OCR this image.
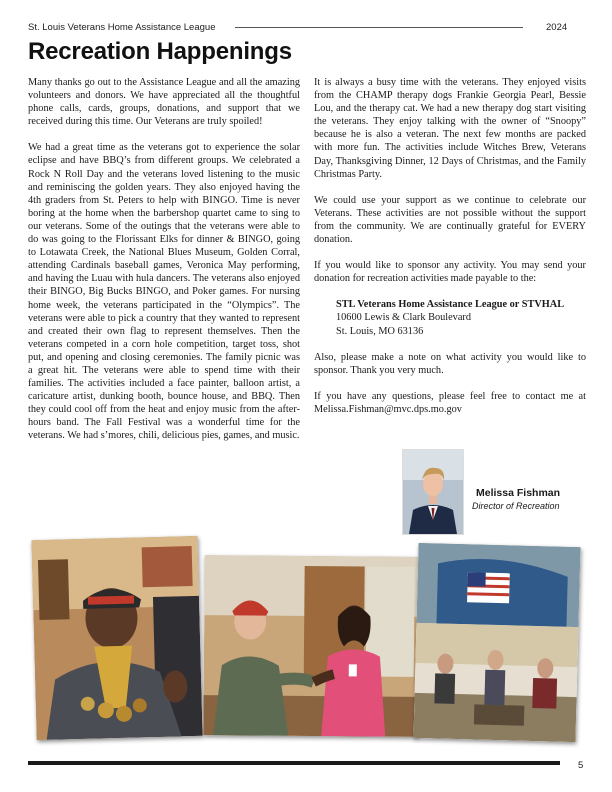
St. Louis Veterans Home Assistance League	2024
Recreation Happenings

Many thanks go out to the Assistance League and all the amazing volunteers and donors. We have appreciated all the thoughtful phone calls, cards, groups, donations, and support that we received during this time. Our Veterans are truly spoiled!

We had a great time as the veterans got to experience the solar eclipse and have BBQ’s from different groups. We celebrated a Rock N Roll Day and the veterans loved listening to the music and reminiscing the golden years. They also enjoyed having the 4th graders from St. Peters to help with BINGO. Time is never boring at the home when the barbershop quartet came to sing to our veterans. Some of the outings that the veterans were able to do was going to the Florissant Elks for dinner & BINGO, going to Lotawata Creek, the National Blues Museum, Golden Corral, attending Cardinals baseball games, Veronica May performing, and having the Luau with hula dancers. The veterans also enjoyed their BINGO, Big Bucks BINGO, and Poker games. For nursing home week, the veterans participated in the “Olympics”. The veterans were able to pick a country that they wanted to represent and created their own flag to represent themselves. Then the veterans competed in a corn hole competition, target toss, shot put, and opening and closing ceremonies. The family picnic was a great hit. The veterans were able to spend time with their families. The activities included a face painter, balloon artist, a caricature artist, dunking booth, bounce house, and BBQ. Then they could cool off from the heat and enjoy music from the after-hours band. The Fall Festival was a wonderful time for the veterans. We had s’mores, chili, delicious pies, games, and music.

It is always a busy time with the veterans. They enjoyed visits from the CHAMP therapy dogs Frankie Georgia Pearl, Bessie Lou, and the therapy cat. We had a new therapy dog start visiting the veterans. They enjoy talking with the owner of “Snoopy” because he is also a veteran. The next few months are packed with more fun. The activities include Witches Brew, Veterans Day, Thanksgiving Dinner, 12 Days of Christmas, and the Family Christmas Party.

We could use your support as we continue to celebrate our Veterans. These activities are not possible without the support from the community. We are continually grateful for EVERY donation.

If you would like to sponsor any activity. You may send your donation for recreation activities made payable to the:

STL Veterans Home Assistance League or STVHAL
10600 Lewis & Clark Boulevard
St. Louis, MO 63136

Also, please make a note on what activity you would like to sponsor. Thank you very much.

If you have any questions, please feel free to contact me at Melissa.Fishman@mvc.dps.mo.gov

Melissa Fishman
Director of Recreation
5
